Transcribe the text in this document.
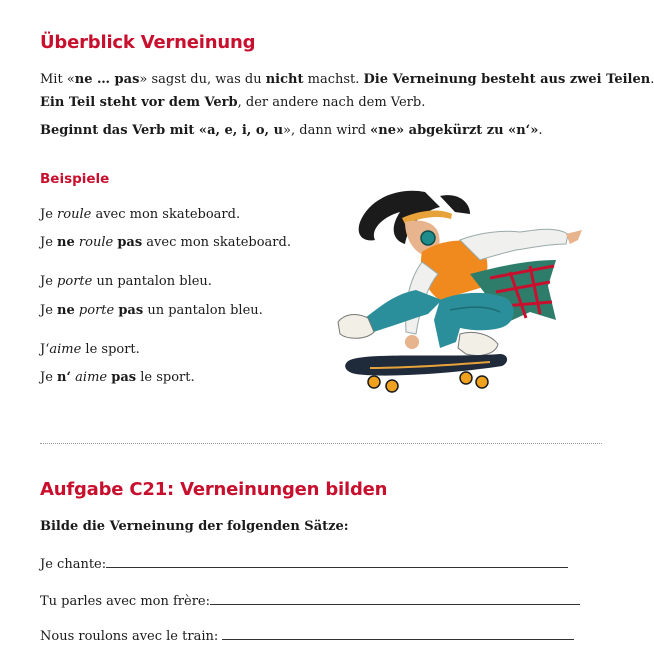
Überblick Verneinung
Mit «ne … pas» sagst du, was du nicht machst. Die Verneinung besteht aus zwei Teilen.
Ein Teil steht vor dem Verb, der andere nach dem Verb.
Beginnt das Verb mit «a, e, i, o, u», dann wird «ne» abgekürzt zu «n‘».
Beispiele
Je roule avec mon skateboard.
Je ne roule pas avec mon skateboard.
Je porte un pantalon bleu.
Je ne porte pas un pantalon bleu.
J‘aime le sport.
Je n‘ aime pas le sport.
Aufgabe C21: Verneinungen bilden
Bilde die Verneinung der folgenden Sätze:
Je chante:
Tu parles avec mon frère:
Nous roulons avec le train:
